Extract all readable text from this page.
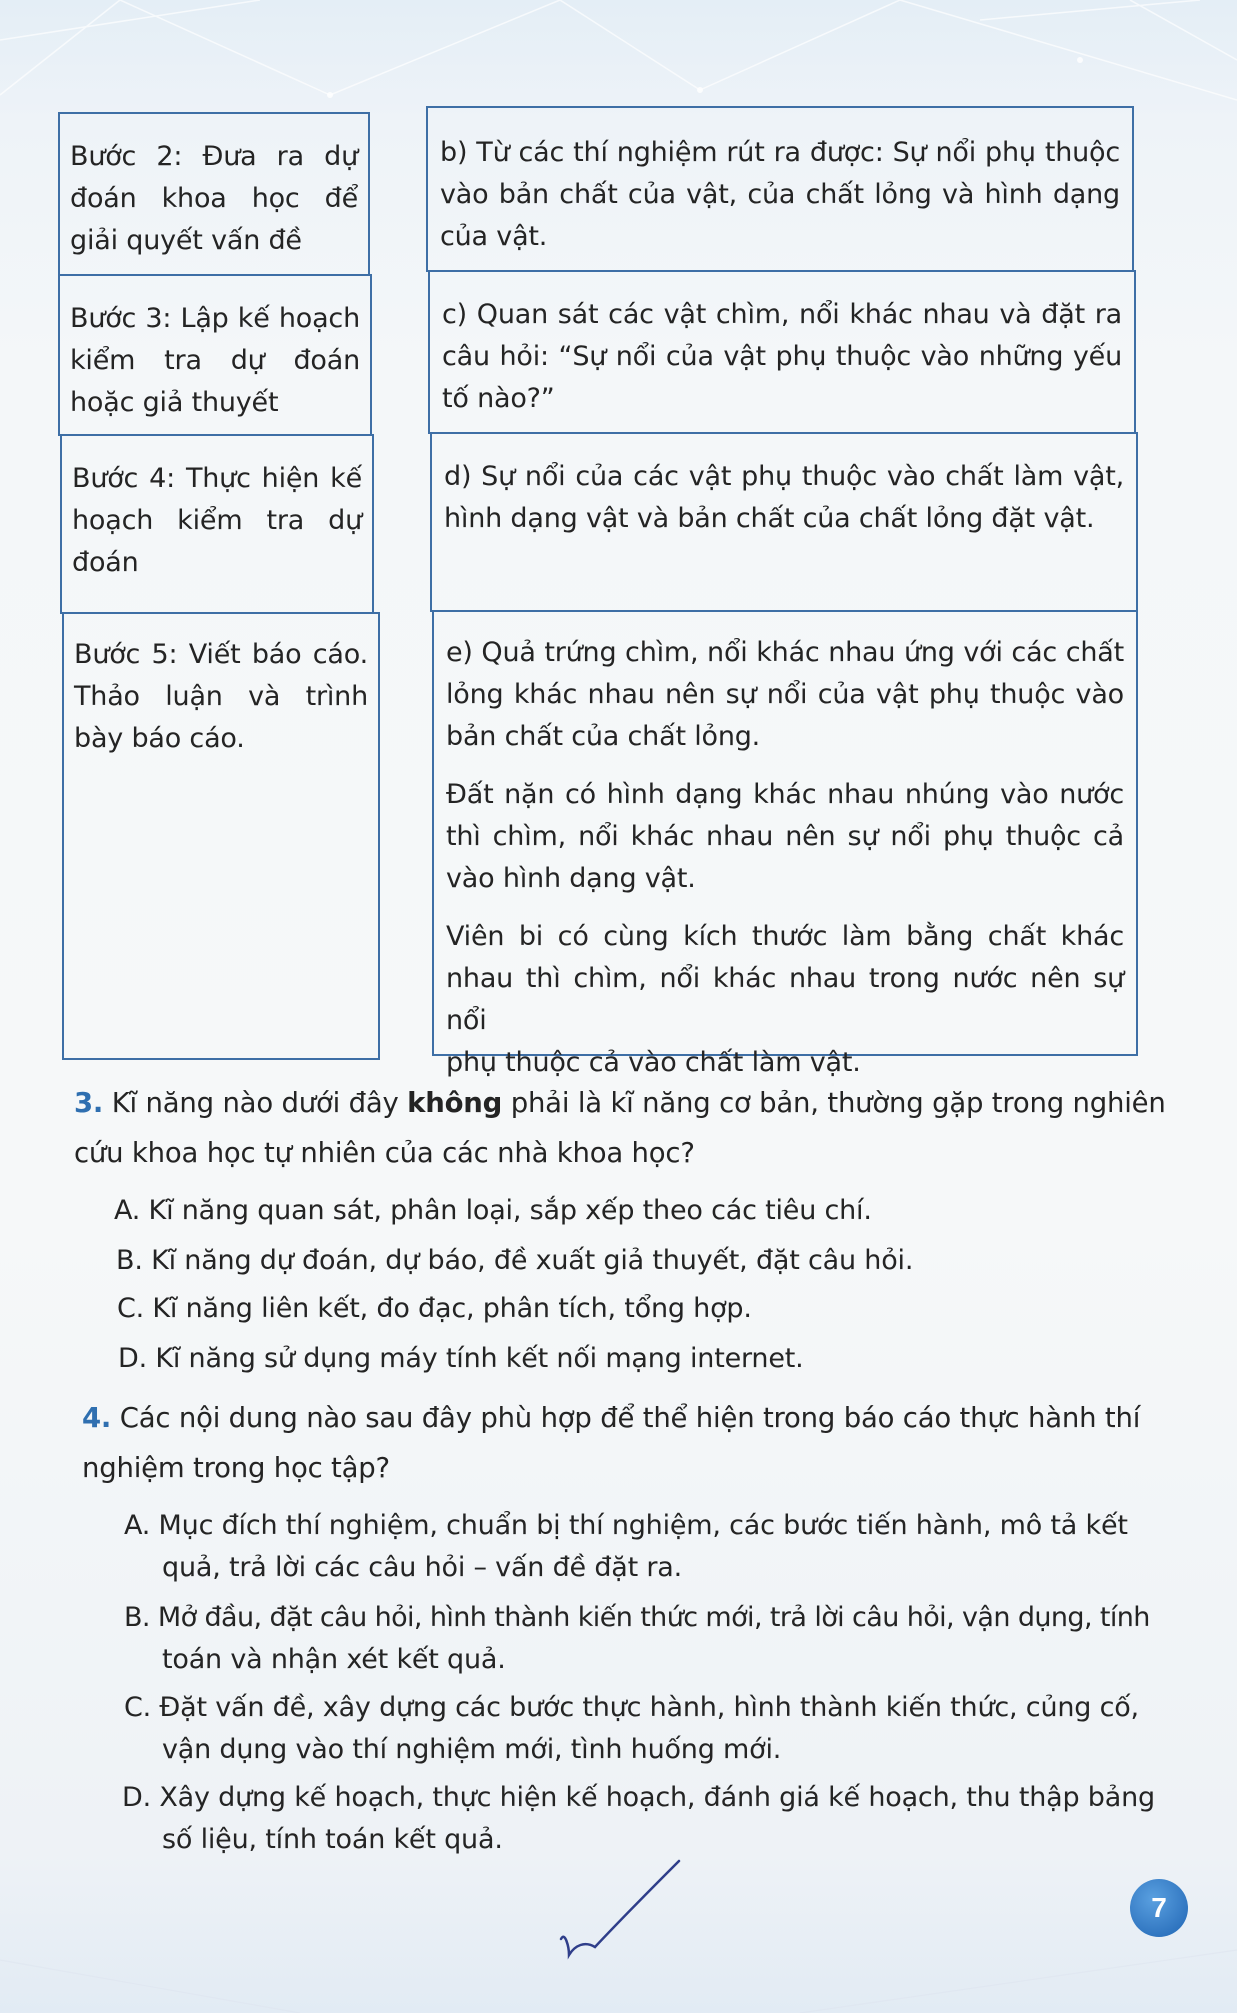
Bước 2: Đưa ra dự
đoán khoa học để
giải quyết vấn đề
Bước 3: Lập kế hoạch
kiểm tra dự đoán
hoặc giả thuyết
Bước 4: Thực hiện kế
hoạch kiểm tra dự
đoán
Bước 5: Viết báo cáo.
Thảo luận và trình
bày báo cáo.
b) Từ các thí nghiệm rút ra được: Sự nổi phụ thuộc
vào bản chất của vật, của chất lỏng và hình dạng
của vật.
c) Quan sát các vật chìm, nổi khác nhau và đặt ra
câu hỏi: “Sự nổi của vật phụ thuộc vào những yếu
tố nào?”
d) Sự nổi của các vật phụ thuộc vào chất làm vật,
hình dạng vật và bản chất của chất lỏng đặt vật.
e) Quả trứng chìm, nổi khác nhau ứng với các chất
lỏng khác nhau nên sự nổi của vật phụ thuộc vào
bản chất của chất lỏng.
Đất nặn có hình dạng khác nhau nhúng vào nước
thì chìm, nổi khác nhau nên sự nổi phụ thuộc cả
vào hình dạng vật.
Viên bi có cùng kích thước làm bằng chất khác
nhau thì chìm, nổi khác nhau trong nước nên sự nổi
phụ thuộc cả vào chất làm vật.
3. Kĩ năng nào dưới đây không phải là kĩ năng cơ bản, thường gặp trong nghiên
cứu khoa học tự nhiên của các nhà khoa học?
A. Kĩ năng quan sát, phân loại, sắp xếp theo các tiêu chí.
B. Kĩ năng dự đoán, dự báo, đề xuất giả thuyết, đặt câu hỏi.
C. Kĩ năng liên kết, đo đạc, phân tích, tổng hợp.
D. Kĩ năng sử dụng máy tính kết nối mạng internet.
4. Các nội dung nào sau đây phù hợp để thể hiện trong báo cáo thực hành thí
nghiệm trong học tập?
A. Mục đích thí nghiệm, chuẩn bị thí nghiệm, các bước tiến hành, mô tả kết
quả, trả lời các câu hỏi – vấn đề đặt ra.
B. Mở đầu, đặt câu hỏi, hình thành kiến thức mới, trả lời câu hỏi, vận dụng, tính
toán và nhận xét kết quả.
C. Đặt vấn đề, xây dựng các bước thực hành, hình thành kiến thức, củng cố,
vận dụng vào thí nghiệm mới, tình huống mới.
D. Xây dựng kế hoạch, thực hiện kế hoạch, đánh giá kế hoạch, thu thập bảng
số liệu, tính toán kết quả.
7
